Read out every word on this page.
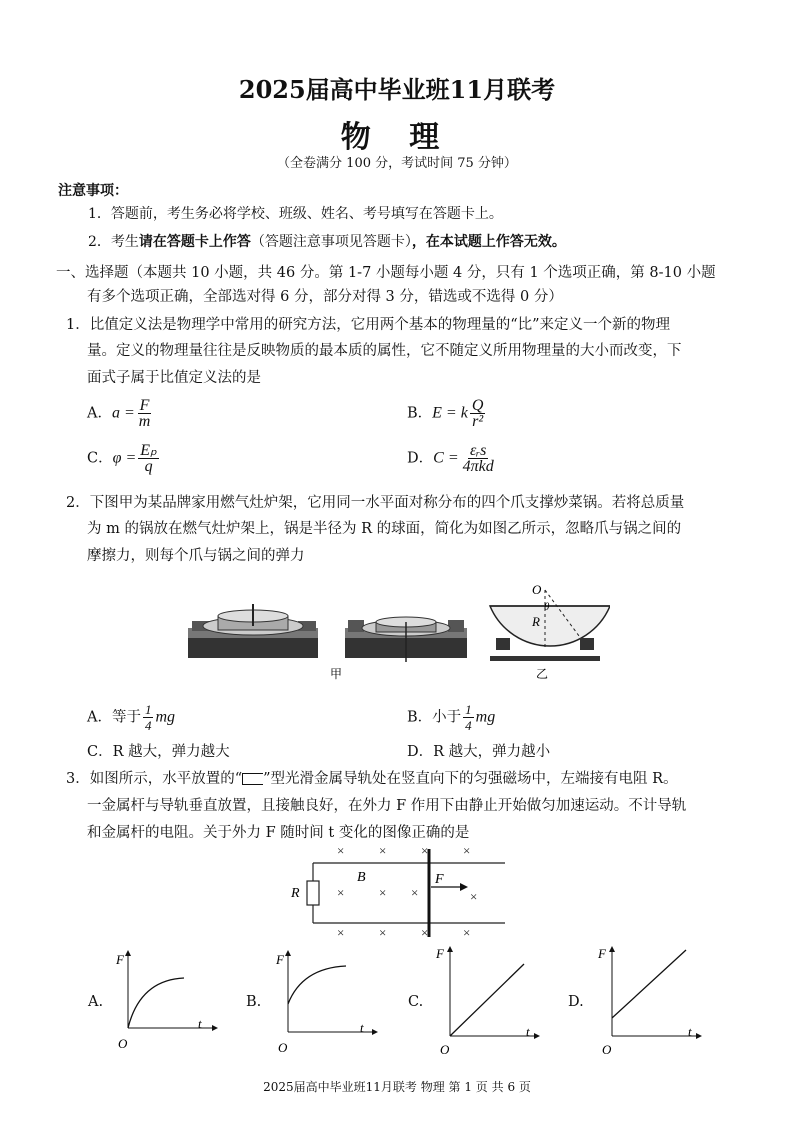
2025届高中毕业班11月联考
物 理
（全卷满分 100 分，考试时间 75 分钟）
注意事项：
1．答题前，考生务必将学校、班级、姓名、考号填写在答题卡上。
2．考生请在答题卡上作答（答题注意事项见答题卡），在本试题上作答无效。
一、选择题（本题共 10 小题，共 46 分。第 1-7 小题每小题 4 分，只有 1 个选项正确，第 8-10 小题
有多个选项正确，全部选对得 6 分，部分对得 3 分，错选或不选得 0 分）
1．比值定义法是物理学中常用的研究方法，它用两个基本的物理量的“比”来定义一个新的物理
量。定义的物理量往往是反映物质的最本质的属性，它不随定义所用物理量的大小而改变，下
面式子属于比值定义法的是
A．$a = \frac{F}{m}$	B．E = k $\frac{Q}{\text{r²}}$
C．$\varphi = \frac{\text{Eₚ}}{q}$	D．$C = \frac{\text{εᵣs}}{\text{4πkd}}$
2．下图甲为某品牌家用燃气灶炉架，它用同一水平面对称分布的四个爪支撑炒菜锅。若将总质量
为 m 的锅放在燃气灶炉架上，锅是半径为 R 的球面，简化为如图乙所示，忽略爪与锅之间的
摩擦力，则每个爪与锅之间的弹力
O
θ
R
甲	乙
A．等于 $\frac{1}{4}$ mg	B．小于 $\frac{1}{4}$ mg
C．R 越大，弹力越大	D．R 越大，弹力越小
3．如图所示，水平放置的“ ”型光滑金属导轨处在竖直向下的匀强磁场中，左端接有电阻 R。
一金属杆与导轨垂直放置，且接触良好，在外力 F 作用下由静止开始做匀加速运动。不计导轨
和金属杆的电阻。关于外力 F 随时间 t 变化的图像正确的是
×	×	×	×
×	× ×	×
×	×	×	×
R
B	F
A.	B.	C.	D.
F
t
O
F
t
O
F
t
O
F
t
O
2025届高中毕业班11月联考 物理 第 1 页 共 6 页
